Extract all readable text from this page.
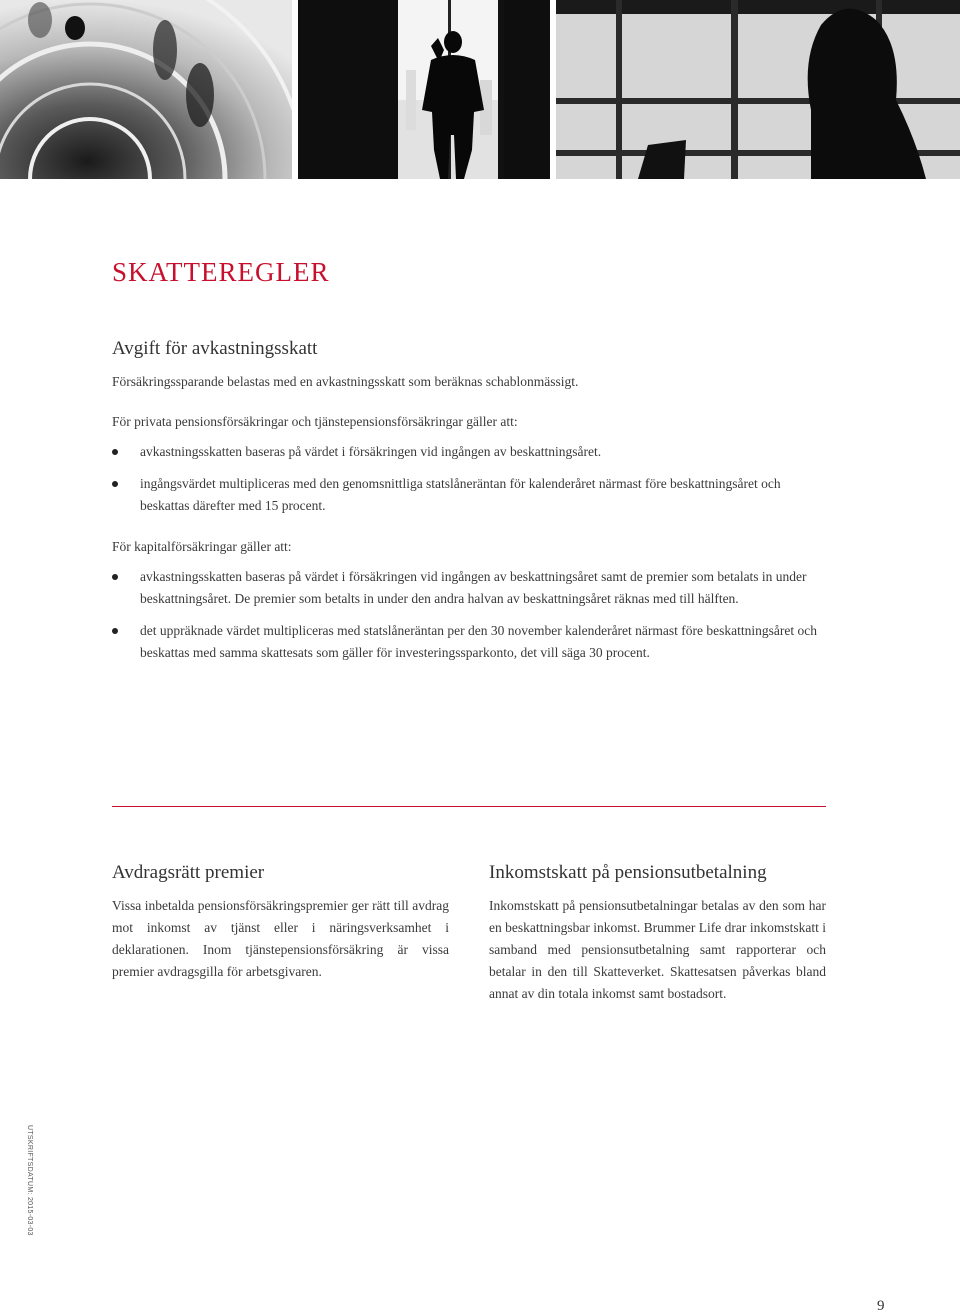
SKATTEREGLER
Avgift för avkastningsskatt

Försäkringssparande belastas med en avkastningsskatt som beräknas schablonmässigt.

För privata pensionsförsäkringar och tjänstepensionsförsäkringar gäller att:

avkastningsskatten baseras på värdet i försäkringen vid ingången av beskattningsåret.
ingångsvärdet multipliceras med den genomsnittliga statslåneräntan för kalenderåret närmast före beskattningsåret och beskattas därefter med 15 procent.

För kapitalförsäkringar gäller att:

avkastningsskatten baseras på värdet i försäkringen vid ingången av beskattningsåret samt de premier som betalats in under beskattningsåret. De premier som betalts in under den andra halvan av beskattningsåret räknas med till hälften.
det uppräknade värdet multipliceras med statslåneräntan per den 30 november kalenderåret närmast före beskattningsåret och beskattas med samma skattesats som gäller för investeringssparkonto, det vill säga 30 procent.
Avdragsrätt premier

Vissa inbetalda pensionsförsäkringspremier ger rätt till avdrag mot inkomst av tjänst eller i näringsverksamhet i deklarationen. Inom tjänstepensionsförsäkring är vissa premier avdragsgilla för arbetsgivaren.

Inkomstskatt på pensionsutbetalning

Inkomstskatt på pensionsutbetalningar betalas av den som har en beskattningsbar inkomst. Brummer Life drar inkomstskatt i samband med pensionsutbetalning samt rapporterar och betalar in den till Skatteverket. Skattesatsen påverkas bland annat av din totala inkomst samt bostadsort.

UTSKRIFTSDATUM: 2015-03-03
9
